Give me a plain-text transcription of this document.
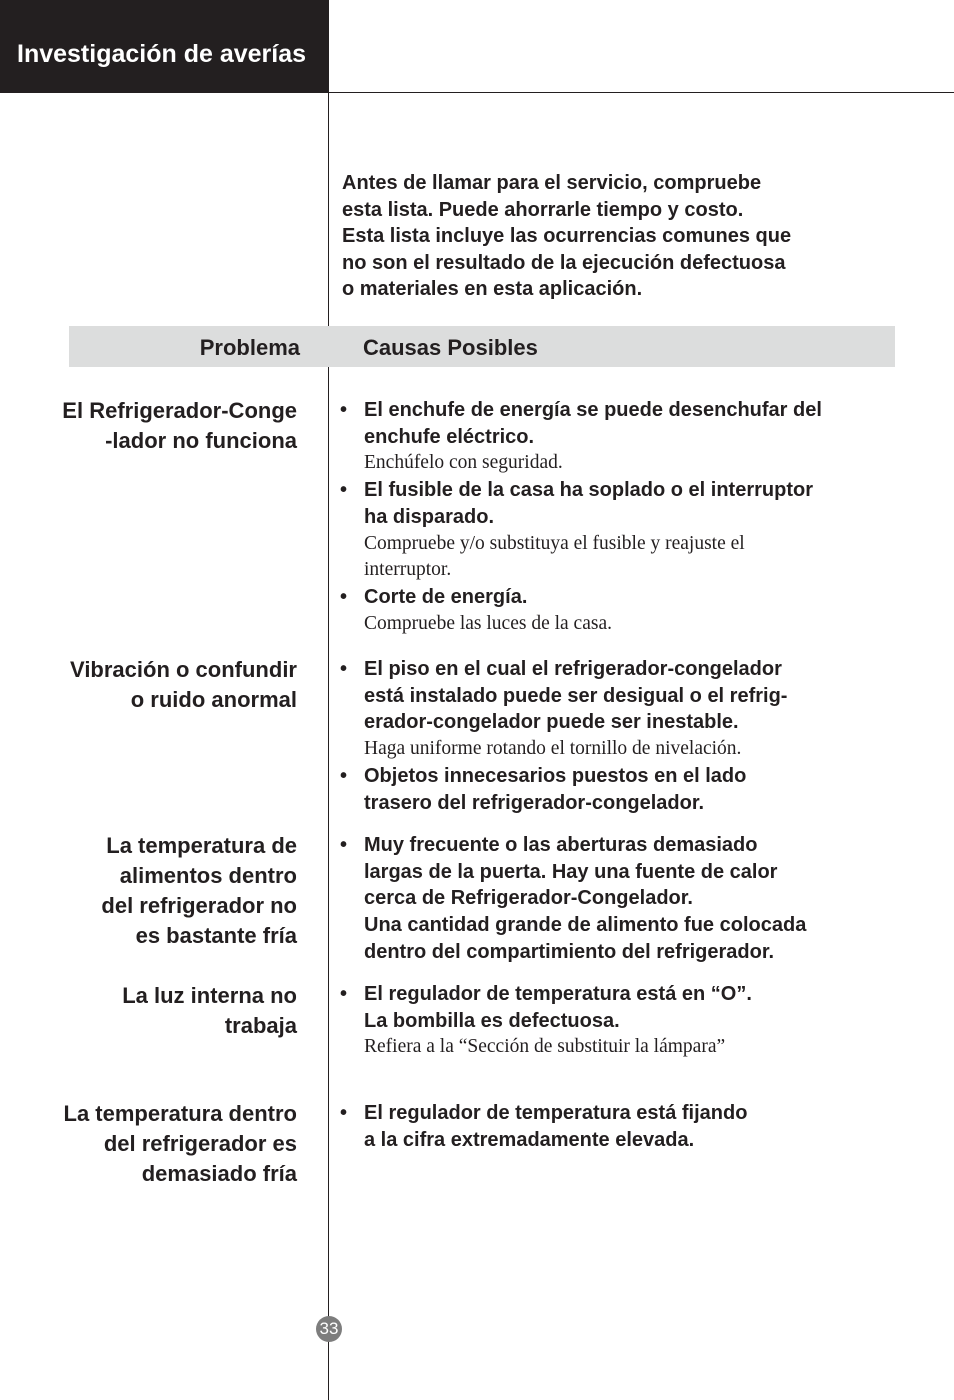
Investigación de averías
Antes de llamar para el servicio, compruebe
esta lista. Puede ahorrarle tiempo y costo.
Esta lista incluye las ocurrencias comunes que
no son el resultado de la ejecución defectuosa
o materiales en esta aplicación.
Problema	Causas Posibles
El Refrigerador-Conge
-lador no funciona
• El enchufe de energía se puede desenchufar del
enchufe eléctrico.
Enchúfelo con seguridad.
• El fusible de la casa ha soplado o el interruptor
ha disparado.
Compruebe y/o substituya el fusible y reajuste el
interruptor.
• Corte de energía.
Compruebe las luces de la casa.
Vibración o confundir
o ruido anormal
• El piso en el cual el refrigerador-congelador
está instalado puede ser desigual o el refrig-
erador-congelador puede ser inestable.
Haga uniforme rotando el tornillo de nivelación.
• Objetos innecesarios puestos en el lado
trasero del refrigerador-congelador.
La temperatura de
alimentos dentro
del refrigerador no
es bastante fría
• Muy frecuente o las aberturas demasiado
largas de la puerta. Hay una fuente de calor
cerca de Refrigerador-Congelador.
Una cantidad grande de alimento fue colocada
dentro del compartimiento del refrigerador.
La luz interna no
trabaja
• El regulador de temperatura está en “O”.
La bombilla es defectuosa.
Refiera a la “Sección de substituir la lámpara”
La temperatura dentro
del refrigerador es
demasiado fría
• El regulador de temperatura está fijando
a la cifra extremadamente elevada.
33
